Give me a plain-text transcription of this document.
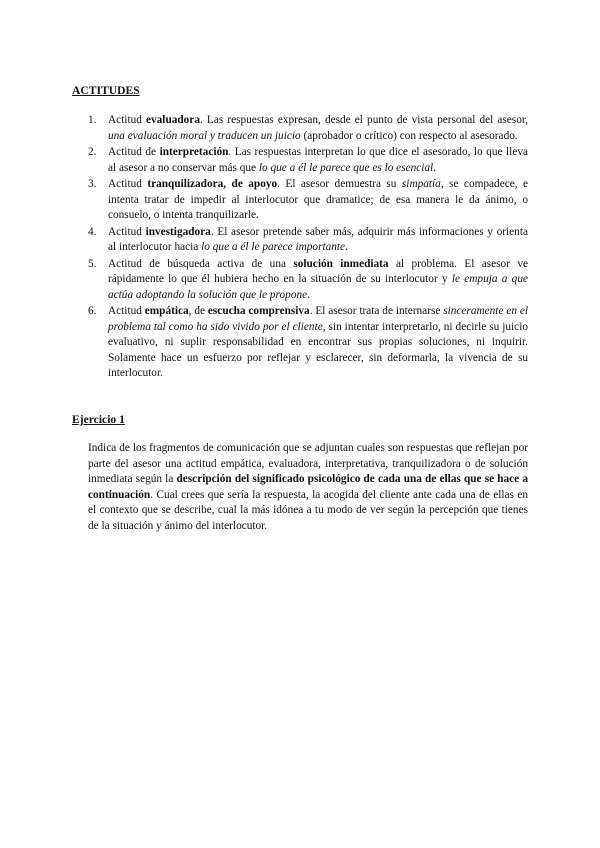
ACTITUDES
1. Actitud evaluadora. Las respuestas expresan, desde el punto de vista personal del asesor, una evaluación moral y traducen un juicio (aprobador o crítico) con respecto al asesorado.
2. Actitud de interpretación. Las respuestas interpretan lo que dice el asesorado, lo que lleva al asesor a no conservar más que lo que a él le parece que es lo esencial.
3. Actitud tranquilizadora, de apoyo. El asesor demuestra su simpatía, se compadece, e intenta tratar de impedir al interlocutor que dramatice; de esa manera le da ánimo, o consuelo, o intenta tranquilizarle.
4. Actitud investigadora. El asesor pretende saber más, adquirir más informaciones y orienta al interlocutor hacia lo que a él le parece importante.
5. Actitud de búsqueda activa de una solución inmediata al problema. El asesor ve rápidamente lo que él hubiera hecho en la situación de su interlocutor y le empuja a que actúa adoptando la solución que le propone.
6. Actitud empática, de escucha comprensiva. El asesor trata de internarse sinceramente en el problema tal como ha sido vivido por el cliente, sin intentar interpretarlo, ni decirle su juicio evaluativo, ni suplir responsabilidad en encontrar sus propias soluciones, ni inquirir. Solamente hace un esfuerzo por reflejar y esclarecer, sin deformarla, la vivencia de su interlocutor.
Ejercicio 1

Indica de los fragmentos de comunicación que se adjuntan cuales son respuestas que reflejan por parte del asesor una actitud empática, evaluadora, interpretativa, tranquilizadora o de solución inmediata según la descripción del significado psicológico de cada una de ellas que se hace a continuación. Cual crees que sería la respuesta, la acogida del cliente ante cada una de ellas en el contexto que se describe, cual la más idónea a tu modo de ver según la percepción que tienes de la situación y ánimo del interlocutor.
